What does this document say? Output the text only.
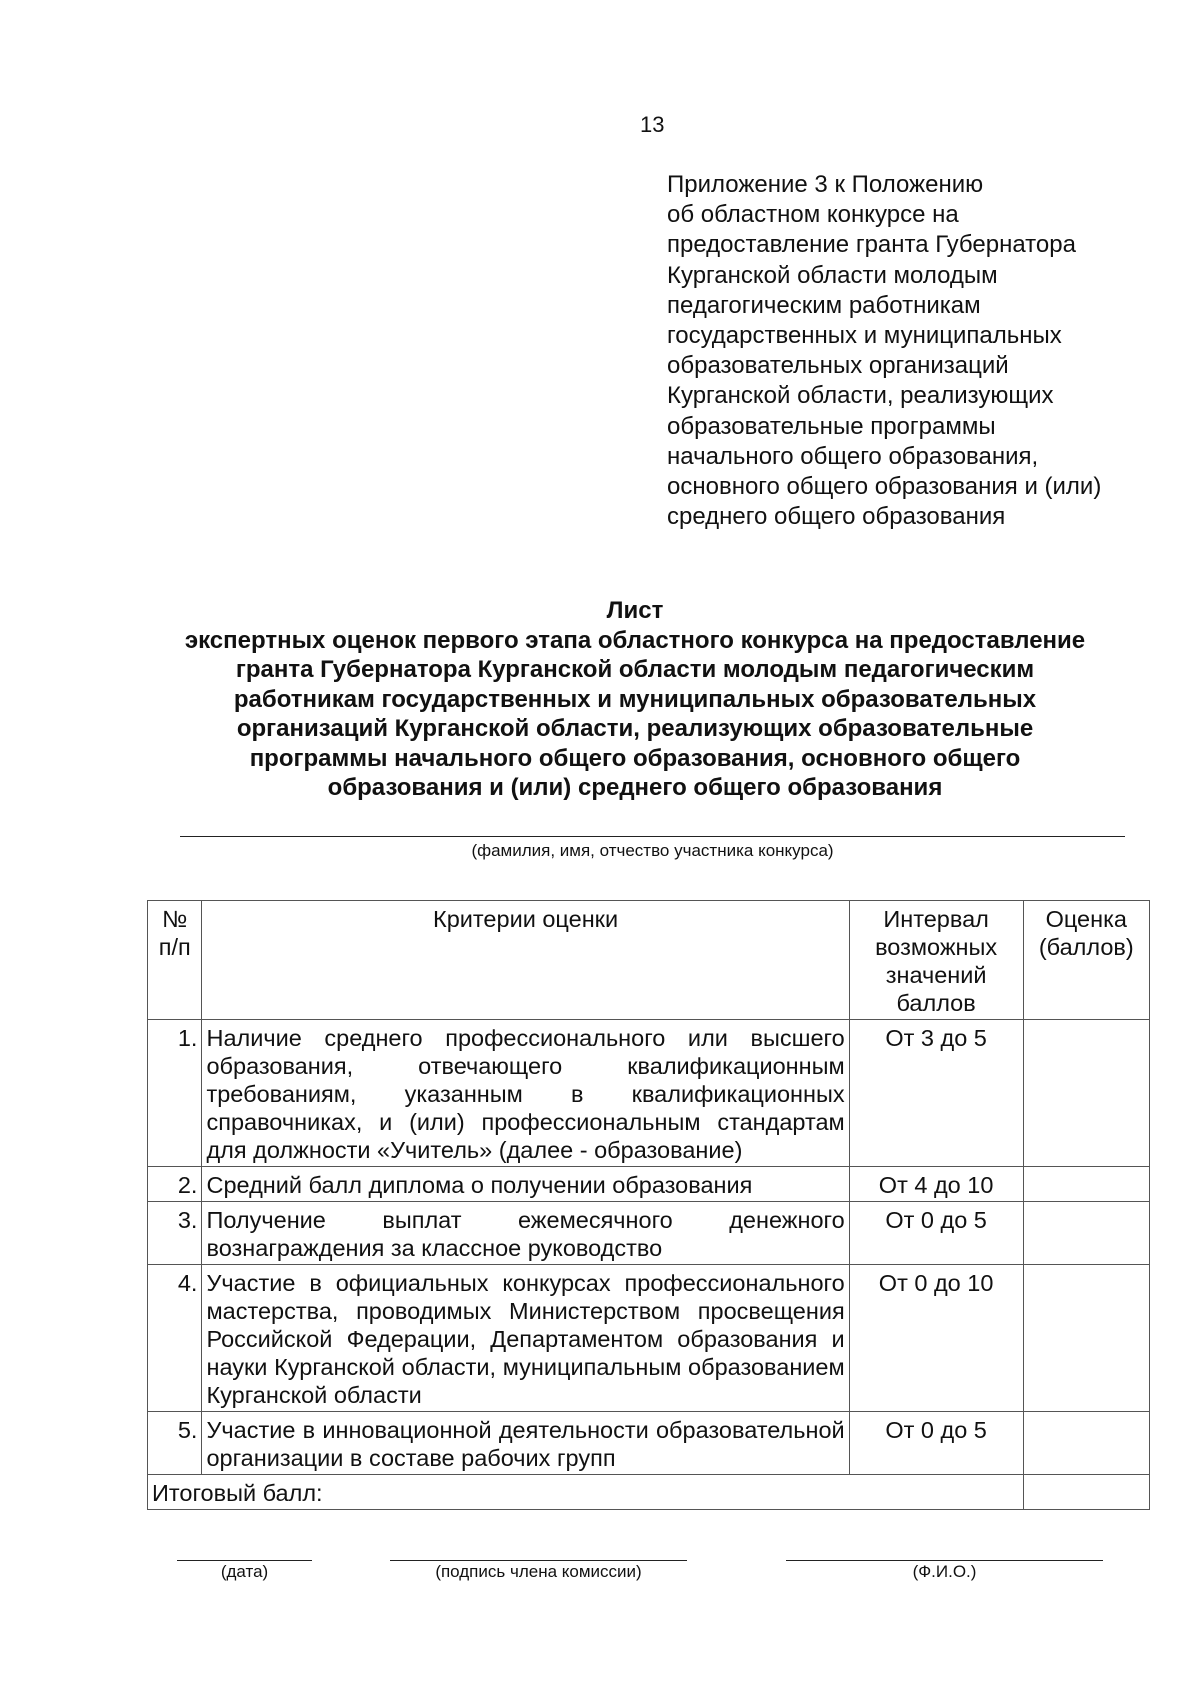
13
Приложение 3 к Положению
об областном конкурсе на
предоставление гранта Губернатора
Курганской области молодым
педагогическим работникам
государственных и муниципальных
образовательных организаций
Курганской области, реализующих
образовательные программы
начального общего образования,
основного общего образования и (или)
среднего общего образования
Лист
экспертных оценок первого этапа областного конкурса на предоставление
гранта Губернатора Курганской области молодым педагогическим
работникам государственных и муниципальных образовательных
организаций Курганской области, реализующих образовательные
программы начального общего образования, основного общего
образования и (или) среднего общего образования
(фамилия, имя, отчество участника конкурса)
№ п/п	Критерии оценки	Интервал возможных значений баллов	Оценка (баллов)
1.	Наличие среднего профессионального или высшего образования, отвечающего квалификационным требованиям, указанным в квалификационных справочниках, и (или) профессиональным стандартам для должности «Учитель» (далее - образование)	От 3 до 5	
2.	Средний балл диплома о получении образования	От 4 до 10	
3.	Получение выплат ежемесячного денежного вознаграждения за классное руководство	От 0 до 5	
4.	Участие в официальных конкурсах профессионального мастерства, проводимых Министерством просвещения Российской Федерации, Департаментом образования и науки Курганской области, муниципальным образованием Курганской области	От 0 до 10	
5.	Участие в инновационной деятельности образовательной организации в составе рабочих групп	От 0 до 5	
Итоговый балл:			
(дата)	(подпись члена комиссии)	(Ф.И.О.)
